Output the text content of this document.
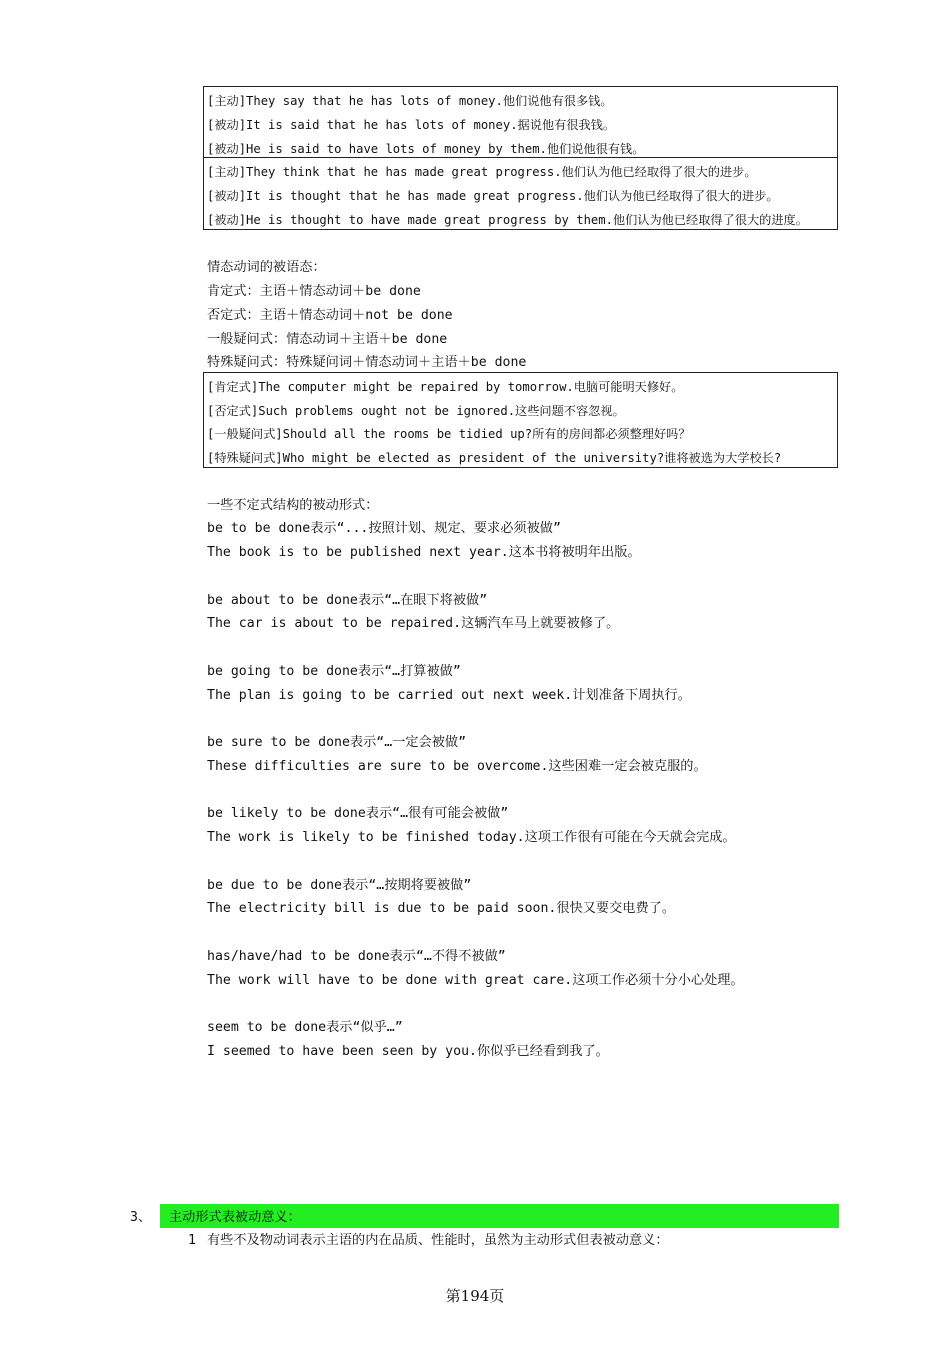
[主动]They say that he has lots of money.他们说他有很多钱。
[被动]It is said that he has lots of money.据说他有很我钱。
[被动]He is said to have lots of money by them.他们说他很有钱。
[主动]They think that he has made great progress.他们认为他已经取得了很大的进步。
[被动]It is thought that he has made great progress.他们认为他已经取得了很大的进步。
[被动]He is thought to have made great progress by them.他们认为他已经取得了很大的进度。
情态动词的被语态：
肯定式：主语＋情态动词＋be done
否定式：主语＋情态动词＋not be done
一般疑问式：情态动词＋主语＋be done
特殊疑问式：特殊疑问词＋情态动词＋主语＋be done
[肯定式]The computer might be repaired by tomorrow.电脑可能明天修好。
[否定式]Such problems ought not be ignored.这些问题不容忽视。
[一般疑问式]Should all the rooms be tidied up?所有的房间都必须整理好吗？
[特殊疑问式]Who might be elected as president of the university?谁将被选为大学校长?
一些不定式结构的被动形式：
be to be done表示“...按照计划、规定、要求必须被做”
The book is to be published next year.这本书将被明年出版。
be about to be done表示“…在眼下将被做”
The car is about to be repaired.这辆汽车马上就要被修了。
be going to be done表示“…打算被做”
The plan is going to be carried out next week.计划准备下周执行。
be sure to be done表示“…一定会被做”
These difficulties are sure to be overcome.这些困难一定会被克服的。
be likely to be done表示“…很有可能会被做”
The work is likely to be finished today.这项工作很有可能在今天就会完成。
be due to be done表示“…按期将要被做”
The electricity bill is due to be paid soon.很快又要交电费了。
has/have/had to be done表示“…不得不被做”
The work will have to be done with great care.这项工作必须十分小心处理。
seem to be done表示“似乎…”
I seemed to have been seen by you.你似乎已经看到我了。
3、 主动形式表被动意义：
1 有些不及物动词表示主语的内在品质、性能时，虽然为主动形式但表被动意义：
第194页
